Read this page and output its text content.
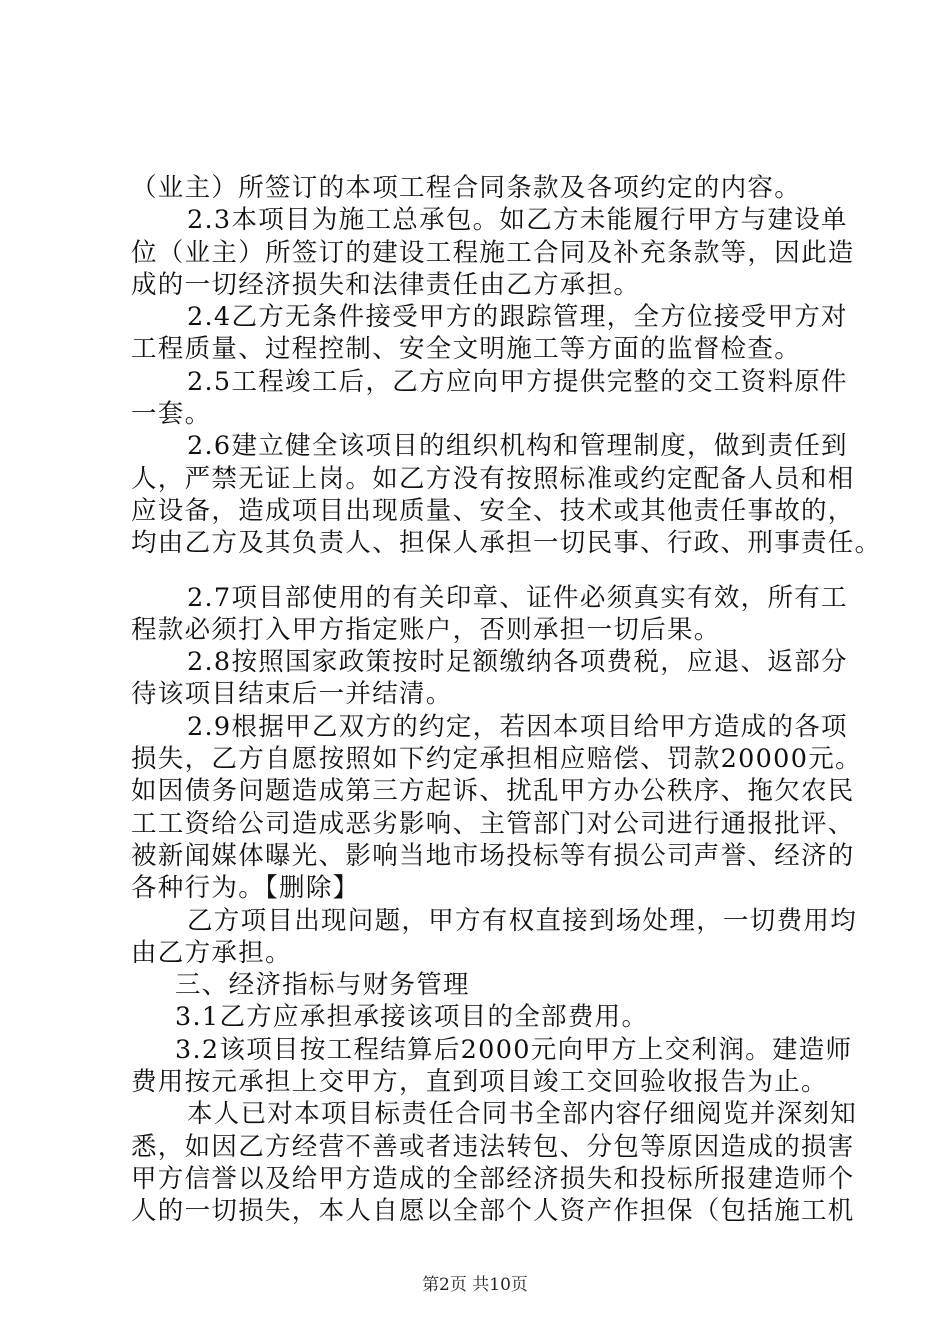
（业主）所签订的本项工程合同条款及各项约定的内容。
2.3本项目为施工总承包。如乙方未能履行甲方与建设单
位（业主）所签订的建设工程施工合同及补充条款等，因此造
成的一切经济损失和法律责任由乙方承担。
2.4乙方无条件接受甲方的跟踪管理，全方位接受甲方对
工程质量、过程控制、安全文明施工等方面的监督检查。
2.5工程竣工后，乙方应向甲方提供完整的交工资料原件
一套。
2.6建立健全该项目的组织机构和管理制度，做到责任到
人，严禁无证上岗。如乙方没有按照标准或约定配备人员和相
应设备，造成项目出现质量、安全、技术或其他责任事故的，
均由乙方及其负责人、担保人承担一切民事、行政、刑事责任。
2.7项目部使用的有关印章、证件必须真实有效，所有工
程款必须打入甲方指定账户，否则承担一切后果。
2.8按照国家政策按时足额缴纳各项费税，应退、返部分
待该项目结束后一并结清。
2.9根据甲乙双方的约定，若因本项目给甲方造成的各项
损失，乙方自愿按照如下约定承担相应赔偿、罚款20000元。
如因债务问题造成第三方起诉、扰乱甲方办公秩序、拖欠农民
工工资给公司造成恶劣影响、主管部门对公司进行通报批评、
被新闻媒体曝光、影响当地市场投标等有损公司声誉、经济的
各种行为。【删除】
乙方项目出现问题，甲方有权直接到场处理，一切费用均
由乙方承担。
三、经济指标与财务管理
3.1乙方应承担承接该项目的全部费用。
3.2该项目按工程结算后2000元向甲方上交利润。建造师
费用按元承担上交甲方，直到项目竣工交回验收报告为止。
本人已对本项目标责任合同书全部内容仔细阅览并深刻知
悉，如因乙方经营不善或者违法转包、分包等原因造成的损害
甲方信誉以及给甲方造成的全部经济损失和投标所报建造师个
人的一切损失，本人自愿以全部个人资产作担保（包括施工机
第2页 共10页
